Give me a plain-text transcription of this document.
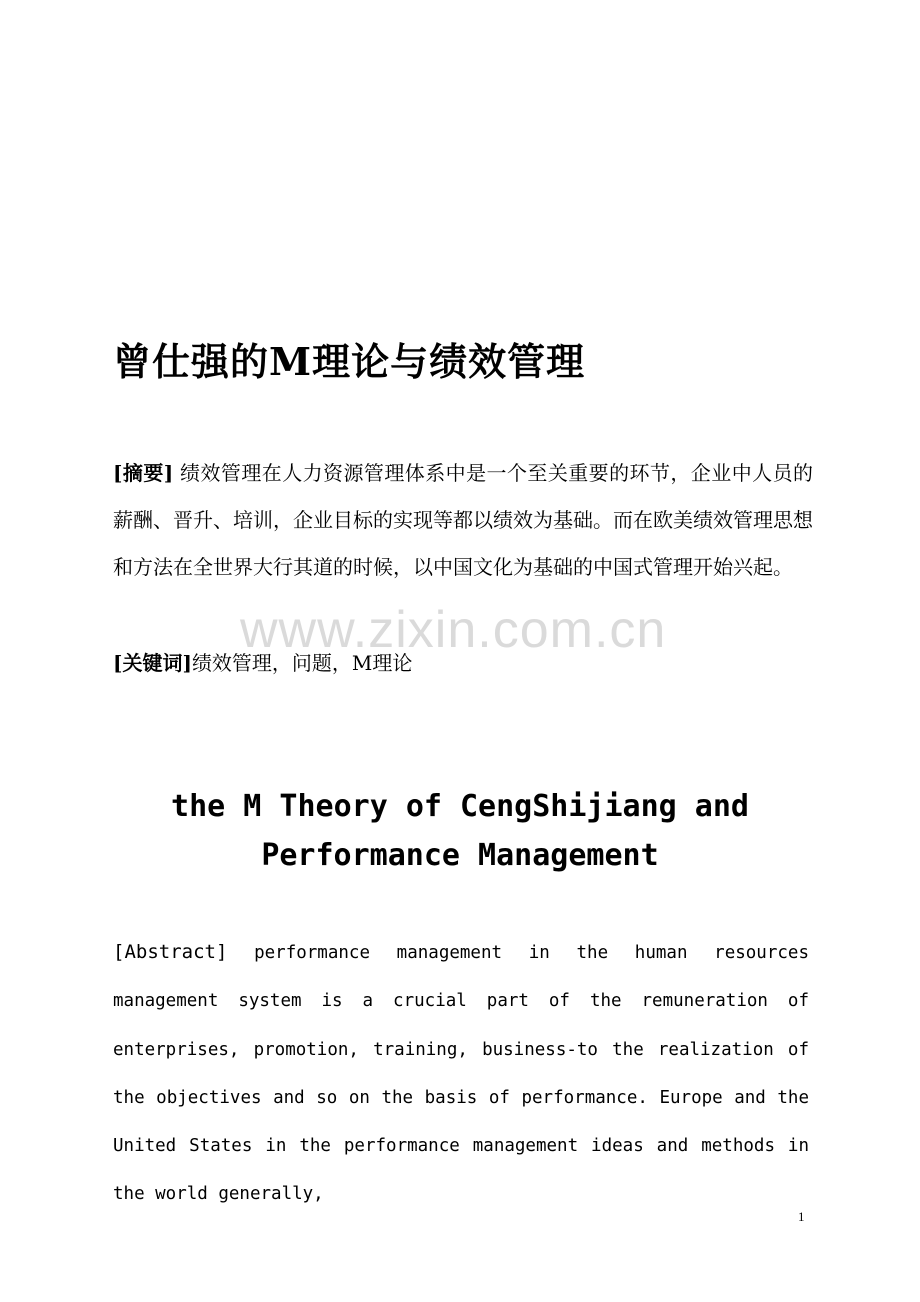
曾仕强的M理论与绩效管理

[摘要] 绩效管理在人力资源管理体系中是一个至关重要的环节，企业中人员的薪酬、晋升、培训，企业目标的实现等都以绩效为基础。而在欧美绩效管理思想和方法在全世界大行其道的时候，以中国文化为基础的中国式管理开始兴起。

[关键词]绩效管理，问题，M理论

www.zixin.com.cn
the M Theory of CengShijiang and
Performance Management

[Abstract] performance management in the human resources management system is a crucial part of the remuneration of enterprises, promotion, training, business-to the realization of the objectives and so on the basis of performance. Europe and the United States in the performance management ideas and methods in the world generally,

1
